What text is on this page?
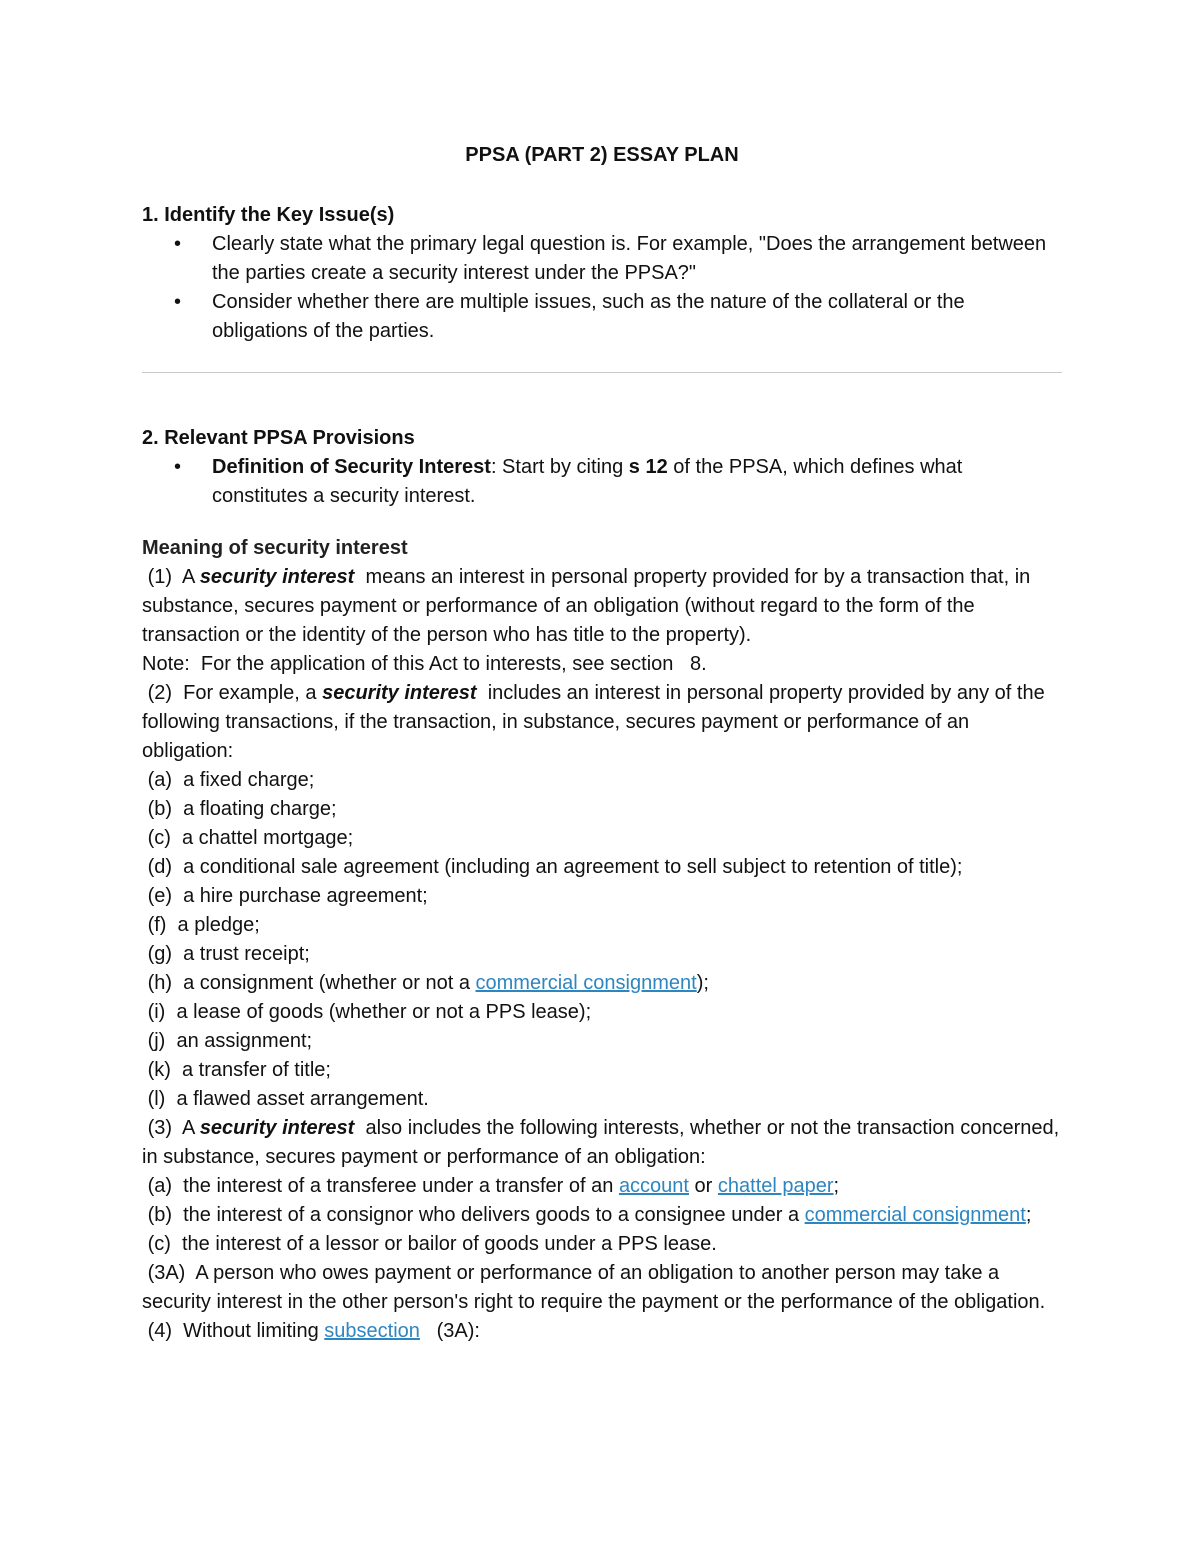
PPSA (PART 2) ESSAY PLAN
1. Identify the Key Issue(s)
• Clearly state what the primary legal question is. For example, "Does the arrangement between the parties create a security interest under the PPSA?"
• Consider whether there are multiple issues, such as the nature of the collateral or the obligations of the parties.
2. Relevant PPSA Provisions
• Definition of Security Interest: Start by citing s 12 of the PPSA, which defines what constitutes a security interest.
Meaning of security interest

(1)  A security interest  means an interest in personal property provided for by a transaction that, in substance, secures payment or performance of an obligation (without regard to the form of the transaction or the identity of the person who has title to the property).

Note:  For the application of this Act to interests, see section   8.

(2)  For example, a security interest  includes an interest in personal property provided by any of the following transactions, if the transaction, in substance, secures payment or performance of an obligation:

(a)  a fixed charge;

(b)  a floating charge;

(c)  a chattel mortgage;

(d)  a conditional sale agreement (including an agreement to sell subject to retention of title);

(e)  a hire purchase agreement;

(f)  a pledge;

(g)  a trust receipt;

(h)  a consignment (whether or not a commercial consignment);

(i)  a lease of goods (whether or not a PPS lease);

(j)  an assignment;

(k)  a transfer of title;

(l)  a flawed asset arrangement.

(3)  A security interest  also includes the following interests, whether or not the transaction concerned, in substance, secures payment or performance of an obligation:

(a)  the interest of a transferee under a transfer of an account or chattel paper;

(b)  the interest of a consignor who delivers goods to a consignee under a commercial consignment;

(c)  the interest of a lessor or bailor of goods under a PPS lease.

(3A)  A person who owes payment or performance of an obligation to another person may take a security interest in the other person's right to require the payment or the performance of the obligation.

(4)  Without limiting subsection   (3A):
